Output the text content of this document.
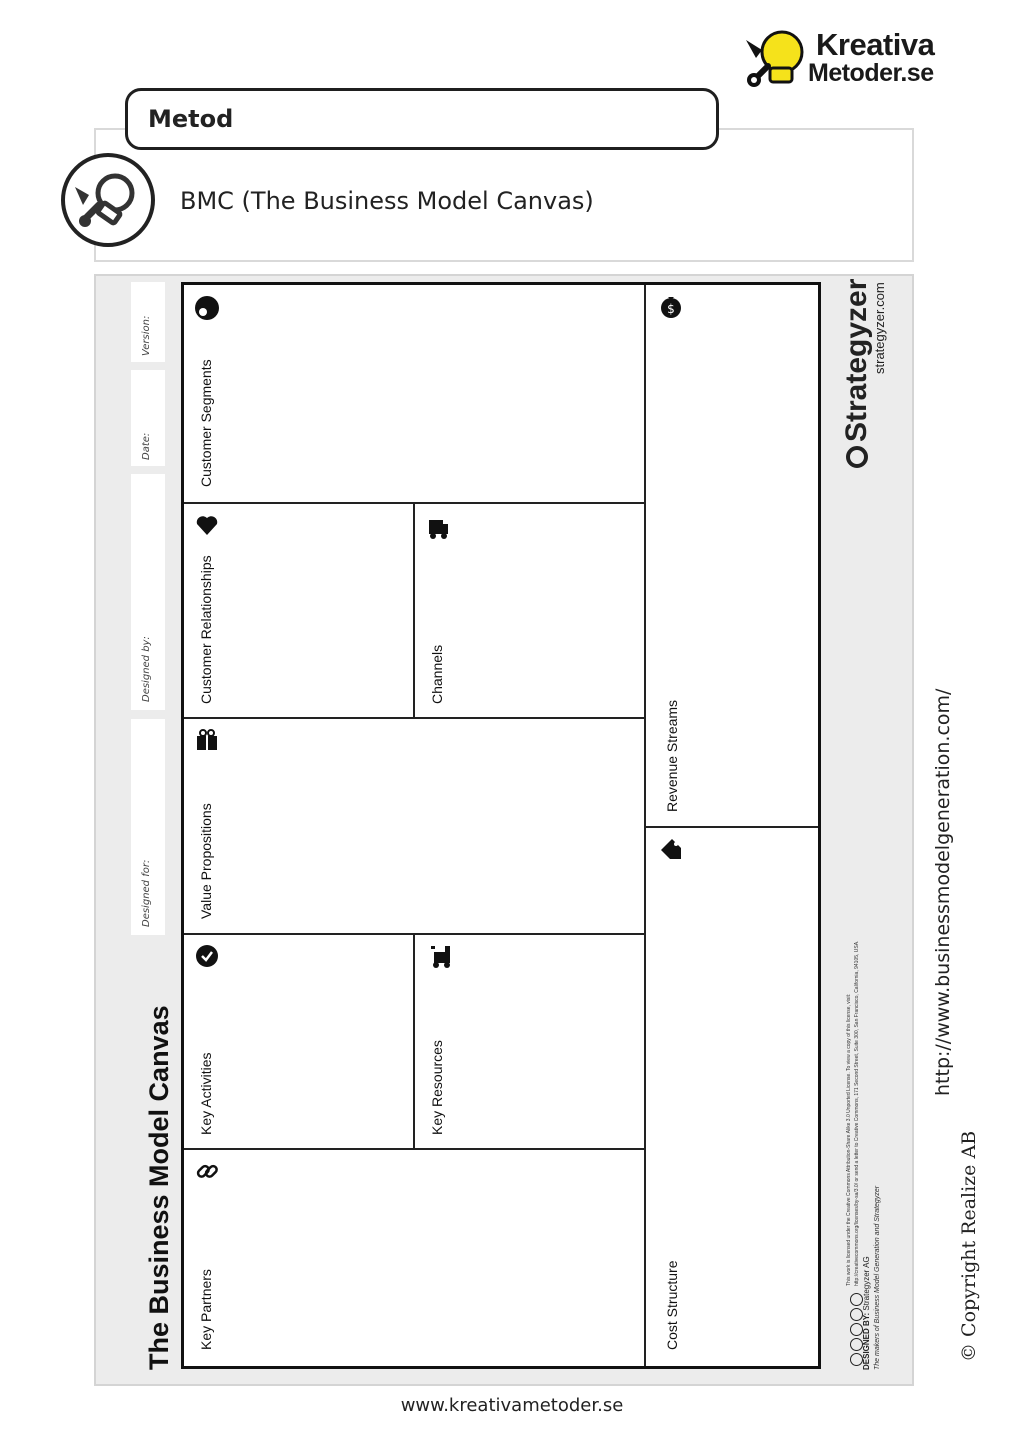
Kreativa
Metoder.se
Metod
BMC (The Business Model Canvas)
Version:
Date:
Designed by:
Designed for:
The Business Model Canvas
Strategyzer strategyzer.com
This work is licensed under the Creative Commons Attribution-Share Alike 3.0 Unported License. To view a copy of this license, visit: http://creativecommons.org/licenses/by-sa/3.0/ or send a letter to Creative Commons, 171 Second Street, Suite 300, San Francisco, California, 94105, USA.
DESIGNED BY: Strategyzer AG The makers of Business Model Generation and Strategyzer
Customer Segments
Customer Relationships	Channels
Value Propositions
Key Activities	Key Resources
Key Partners
$
Revenue Streams
Cost Structure
http://www.businessmodelgeneration.com/
© Copyright Realize AB
www.kreativametoder.se
